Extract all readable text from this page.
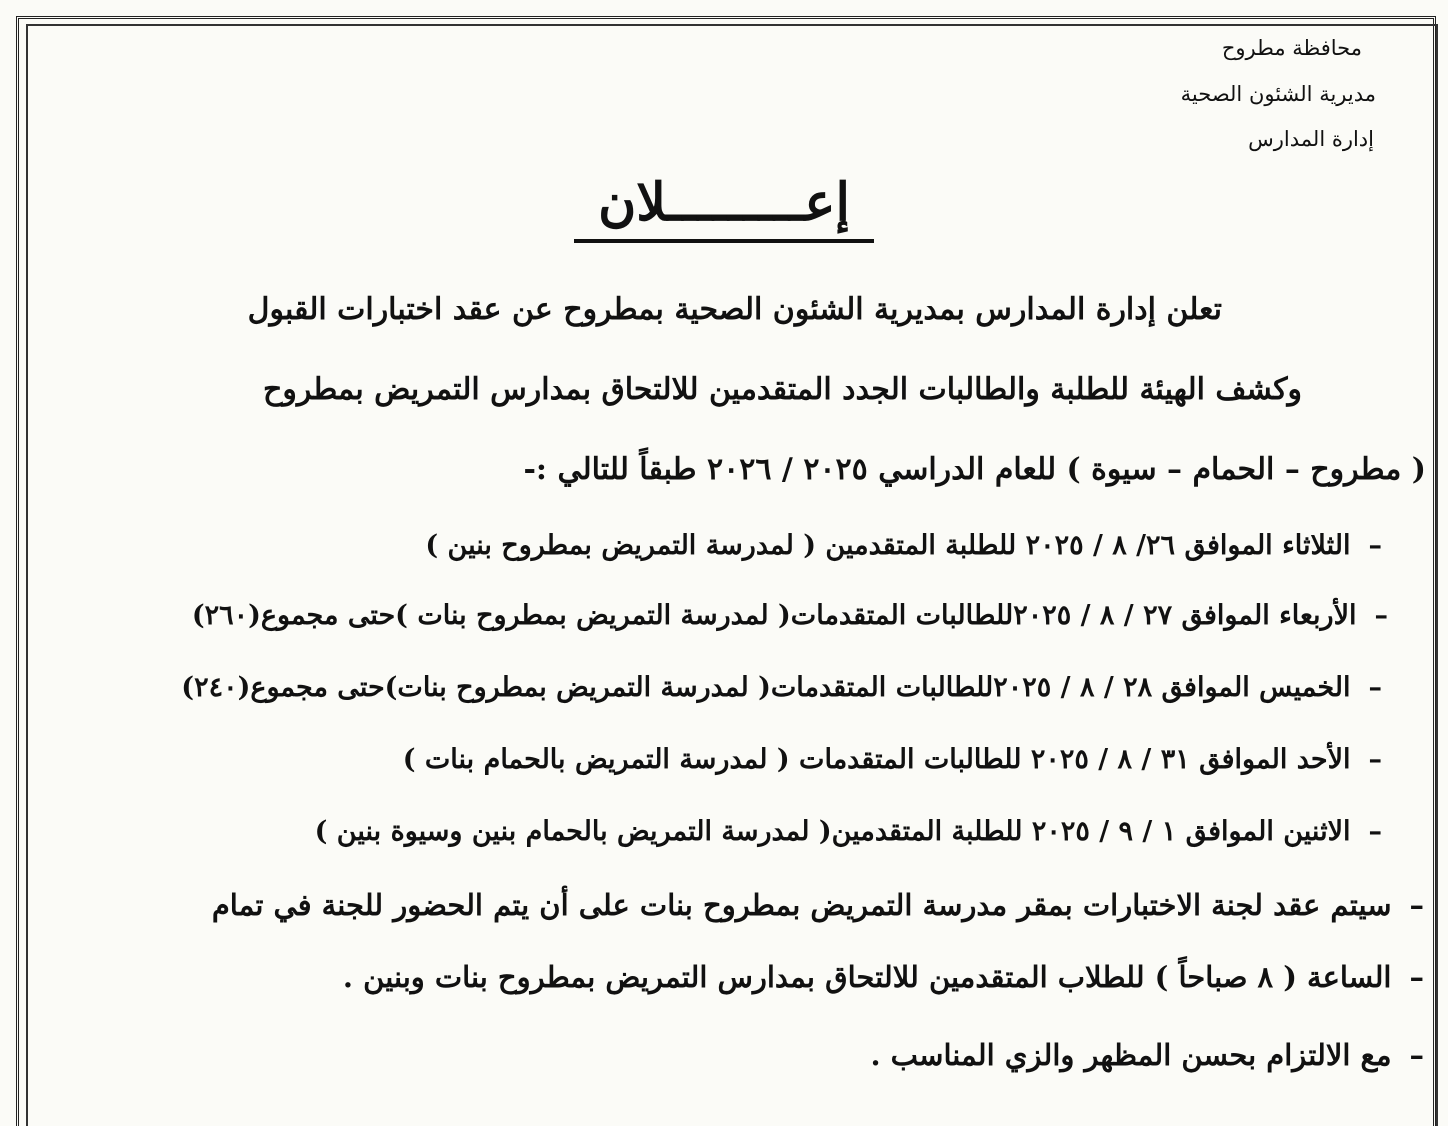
محافظة مطروح
مديرية الشئون الصحية
إدارة المدارس
إعـــــــــلان
تعلن إدارة المدارس بمديرية الشئون الصحية بمطروح عن عقد اختبارات القبول
وكشف الهيئة للطلبة والطالبات الجدد المتقدمين للالتحاق بمدارس التمريض بمطروح
( مطروح – الحمام – سيوة ) للعام الدراسي ٢٠٢٥ / ٢٠٢٦ طبقاً للتالي :-
–الثلاثاء الموافق ٢٦/ ٨ / ٢٠٢٥ للطلبة المتقدمين ( لمدرسة التمريض بمطروح بنين )
–الأربعاء الموافق ٢٧ / ٨ / ٢٠٢٥للطالبات المتقدمات( لمدرسة التمريض بمطروح بنات )حتى مجموع(٢٦٠)
–الخميس الموافق ٢٨ / ٨ / ٢٠٢٥للطالبات المتقدمات( لمدرسة التمريض بمطروح بنات)حتى مجموع(٢٤٠)
–الأحد الموافق ٣١ / ٨ / ٢٠٢٥ للطالبات المتقدمات ( لمدرسة التمريض بالحمام بنات )
–الاثنين الموافق ١ / ٩ / ٢٠٢٥ للطلبة المتقدمين( لمدرسة التمريض بالحمام بنين وسيوة بنين )
–سيتم عقد لجنة الاختبارات بمقر مدرسة التمريض بمطروح بنات على أن يتم الحضور للجنة في تمام
–الساعة ( ٨ صباحاً ) للطلاب المتقدمين للالتحاق بمدارس التمريض بمطروح بنات وبنين .
–مع الالتزام بحسن المظهر والزي المناسب .
